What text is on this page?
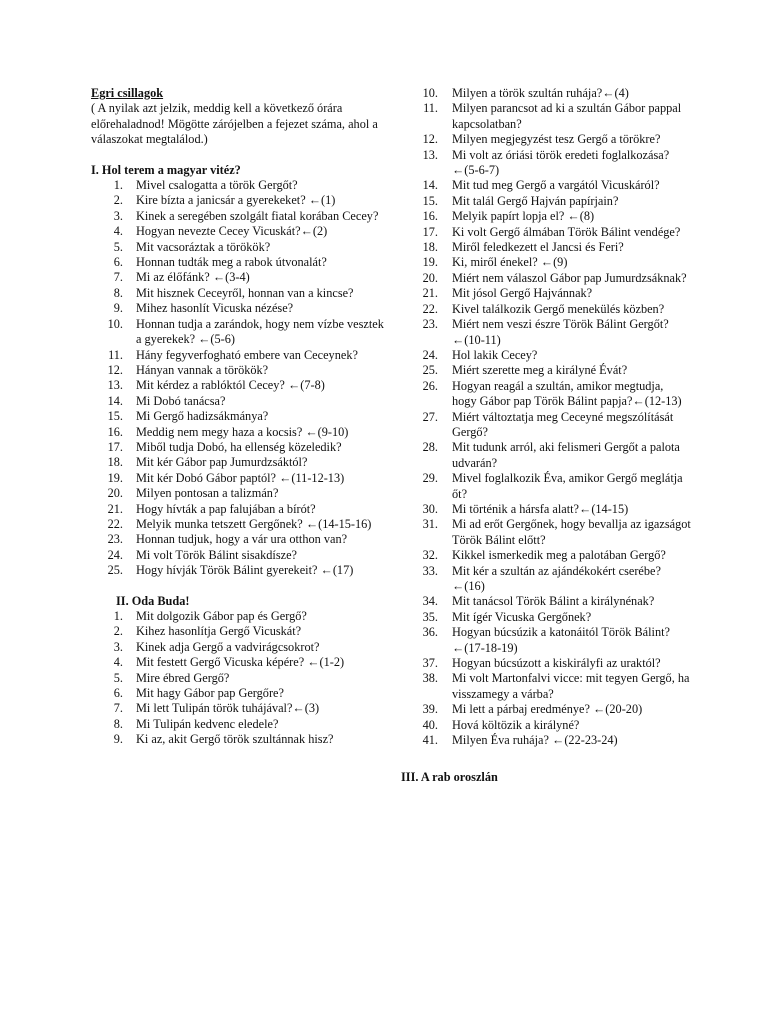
Egri csillagok

( A nyilak azt jelzik, meddig kell a következő órára előrehaladnod! Mögötte zárójelben a fejezet száma, ahol a válaszokat megtalálod.)

I. Hol terem a magyar vitéz?

1. Mivel csalogatta a török Gergőt?
2. Kire bízta a janicsár a gyerekeket? ←(1)
3. Kinek a seregében szolgált fiatal korában Cecey?
4. Hogyan nevezte Cecey Vicuskát?←(2)
5. Mit vacsoráztak a törökök?
6. Honnan tudták meg a rabok útvonalát?
7. Mi az élőfánk? ←(3-4)
8. Mit hisznek Ceceyről, honnan van a kincse?
9. Mihez hasonlít Vicuska nézése?
10. Honnan tudja a zarándok, hogy nem vízbe vesztek a gyerekek? ←(5-6)
11. Hány fegyverfogható embere van Ceceynek?
12. Hányan vannak a törökök?
13. Mit kérdez a rablóktól Cecey? ←(7-8)
14. Mi Dobó tanácsa?
15. Mi Gergő hadizsákmánya?
16. Meddig nem megy haza a kocsis? ←(9-10)
17. Miből tudja Dobó, ha ellenség közeledik?
18. Mit kér Gábor pap Jumurdzsáktól?
19. Mit kér Dobó Gábor paptól? ←(11-12-13)
20. Milyen pontosan a talizmán?
21. Hogy hívták a pap falujában a bírót?
22. Melyik munka tetszett Gergőnek? ←(14-15-16)
23. Honnan tudjuk, hogy a vár ura otthon van?
24. Mi volt Török Bálint sisakdísze?
25. Hogy hívják Török Bálint gyerekeit? ←(17)

II. Oda Buda!

1. Mit dolgozik Gábor pap és Gergő?
2. Kihez hasonlítja Gergő Vicuskát?
3. Kinek adja Gergő a vadvirágcsokrot?
4. Mit festett Gergő Vicuska képére? ←(1-2)
5. Mire ébred Gergő?
6. Mit hagy Gábor pap Gergőre?
7. Mi lett Tulipán török tuhájával?←(3)
8. Mi Tulipán kedvenc eledele?
9. Ki az, akit Gergő török szultánnak hisz?
10. Milyen a török szultán ruhája?←(4)
11. Milyen parancsot ad ki a szultán Gábor pappal kapcsolatban?
12. Milyen megjegyzést tesz Gergő a törökre?
13. Mi volt az óriási török eredeti foglalkozása? ←(5-6-7)
14. Mit tud meg Gergő a vargától Vicuskáról?
15. Mit talál Gergő Hajván papírjain?
16. Melyik papírt lopja el? ←(8)
17. Ki volt Gergő álmában Török Bálint vendége?
18. Miről feledkezett el Jancsi és Feri?
19. Ki, miről énekel? ←(9)
20. Miért nem válaszol Gábor pap Jumurdzsáknak?
21. Mit jósol Gergő Hajvánnak?
22. Kivel találkozik Gergő menekülés közben?
23. Miért nem veszi észre Török Bálint Gergőt? ←(10-11)
24. Hol lakik Cecey?
25. Miért szerette meg a királyné Évát?
26. Hogyan reagál a szultán, amikor megtudja, hogy Gábor pap Török Bálint papja?←(12-13)
27. Miért változtatja meg Ceceyné megszólítását Gergő?
28. Mit tudunk arról, aki felismeri Gergőt a palota udvarán?
29. Mivel foglalkozik Éva, amikor Gergő meglátja őt?
30. Mi történik a hársfa alatt?←(14-15)
31. Mi ad erőt Gergőnek, hogy bevallja az igazságot Török Bálint előtt?
32. Kikkel ismerkedik meg a palotában Gergő?
33. Mit kér a szultán az ajándékokért cserébe? ←(16)
34. Mit tanácsol Török Bálint a királynénak?
35. Mit ígér Vicuska Gergőnek?
36. Hogyan búcsúzik a katonáitól Török Bálint? ←(17-18-19)
37. Hogyan búcsúzott a kiskirályfi az uraktól?
38. Mi volt Martonfalvi vicce: mit tegyen Gergő, ha visszamegy a várba?
39. Mi lett a párbaj eredménye? ←(20-20)
40. Hová költözik a királyné?
41. Milyen Éva ruhája? ←(22-23-24)

III. A rab oroszlán
